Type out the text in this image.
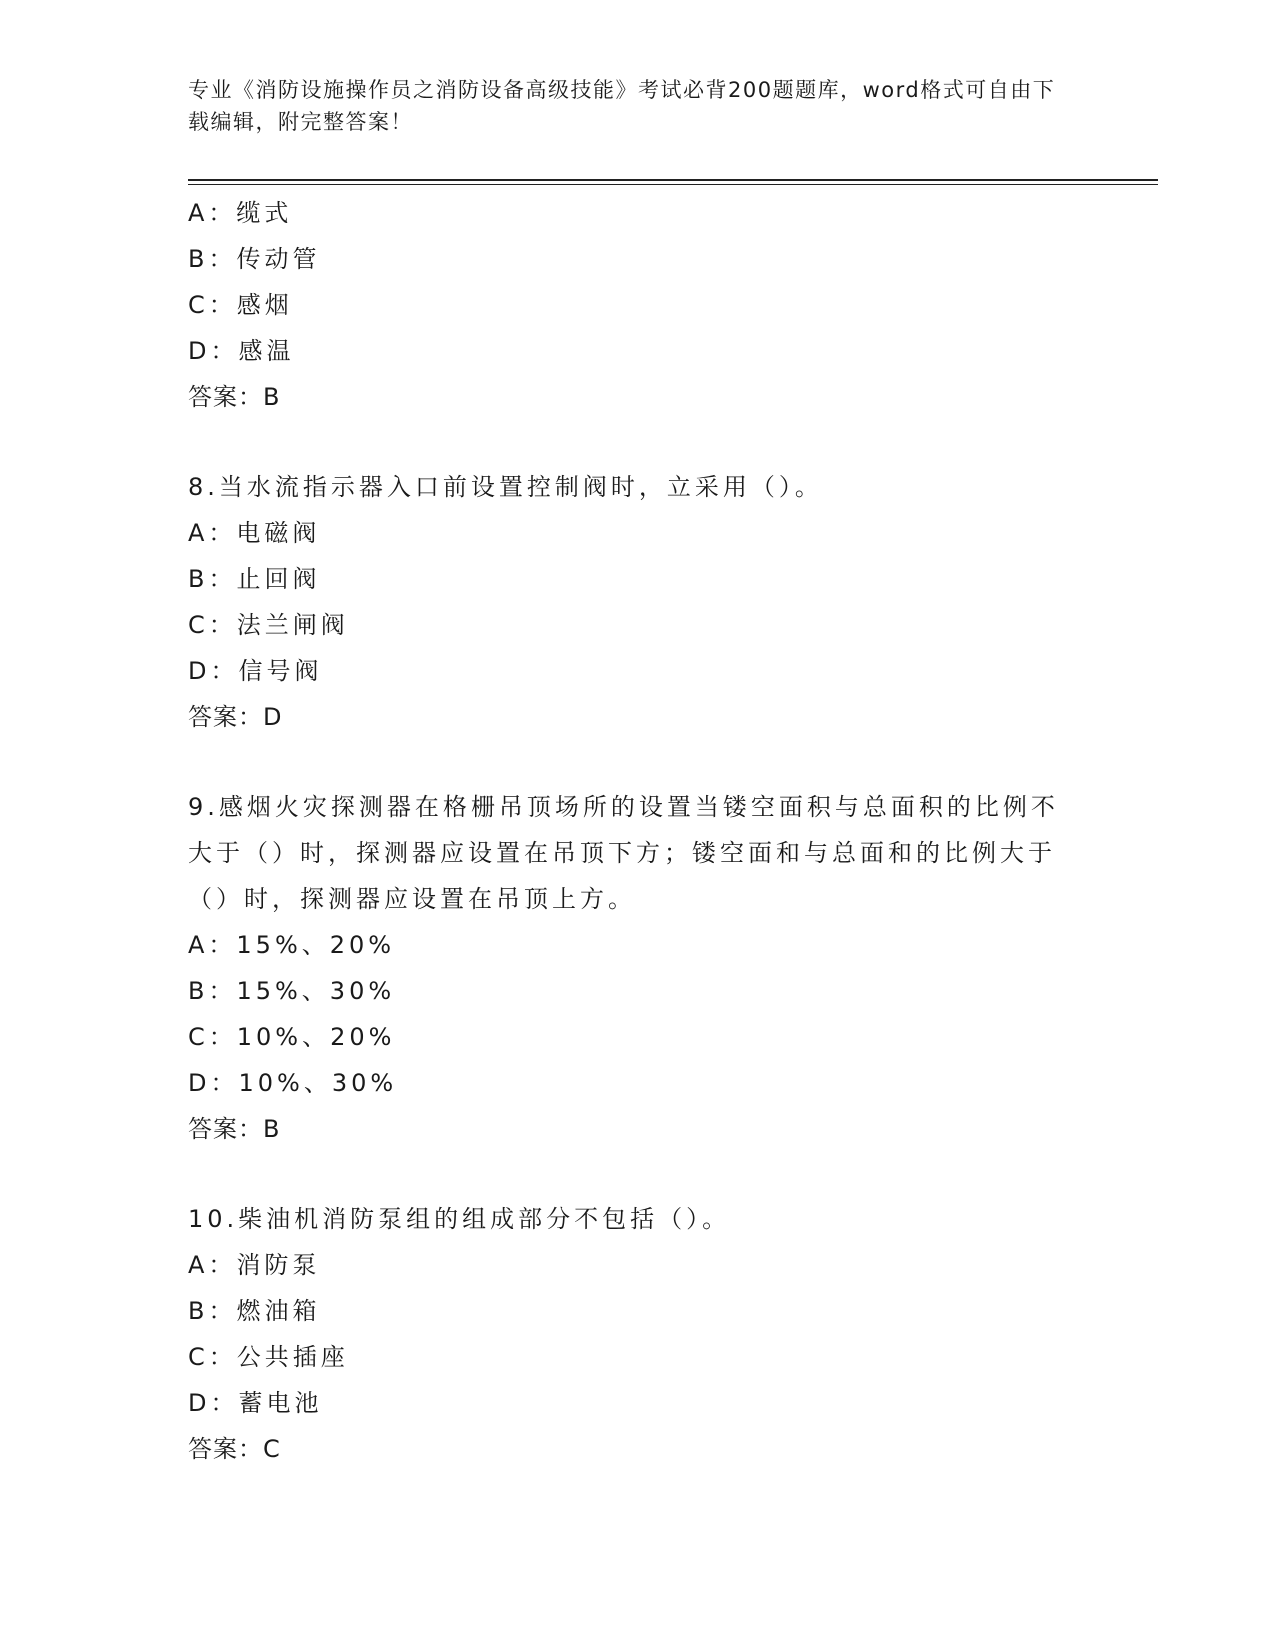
专业《消防设施操作员之消防设备高级技能》考试必背200题题库，word格式可自由下载编辑，附完整答案！
A：缆式
B：传动管
C：感烟
D：感温
答案：B
8.当水流指示器入口前设置控制阀时，立采用（）。
A：电磁阀
B：止回阀
C：法兰闸阀
D：信号阀
答案：D
9.感烟火灾探测器在格栅吊顶场所的设置当镂空面积与总面积的比例不大于（）时，探测器应设置在吊顶下方；镂空面和与总面和的比例大于（）时，探测器应设置在吊顶上方。
A：15%、20%
B：15%、30%
C：10%、20%
D：10%、30%
答案：B
10.柴油机消防泵组的组成部分不包括（）。
A：消防泵
B：燃油箱
C：公共插座
D：蓄电池
答案：C
